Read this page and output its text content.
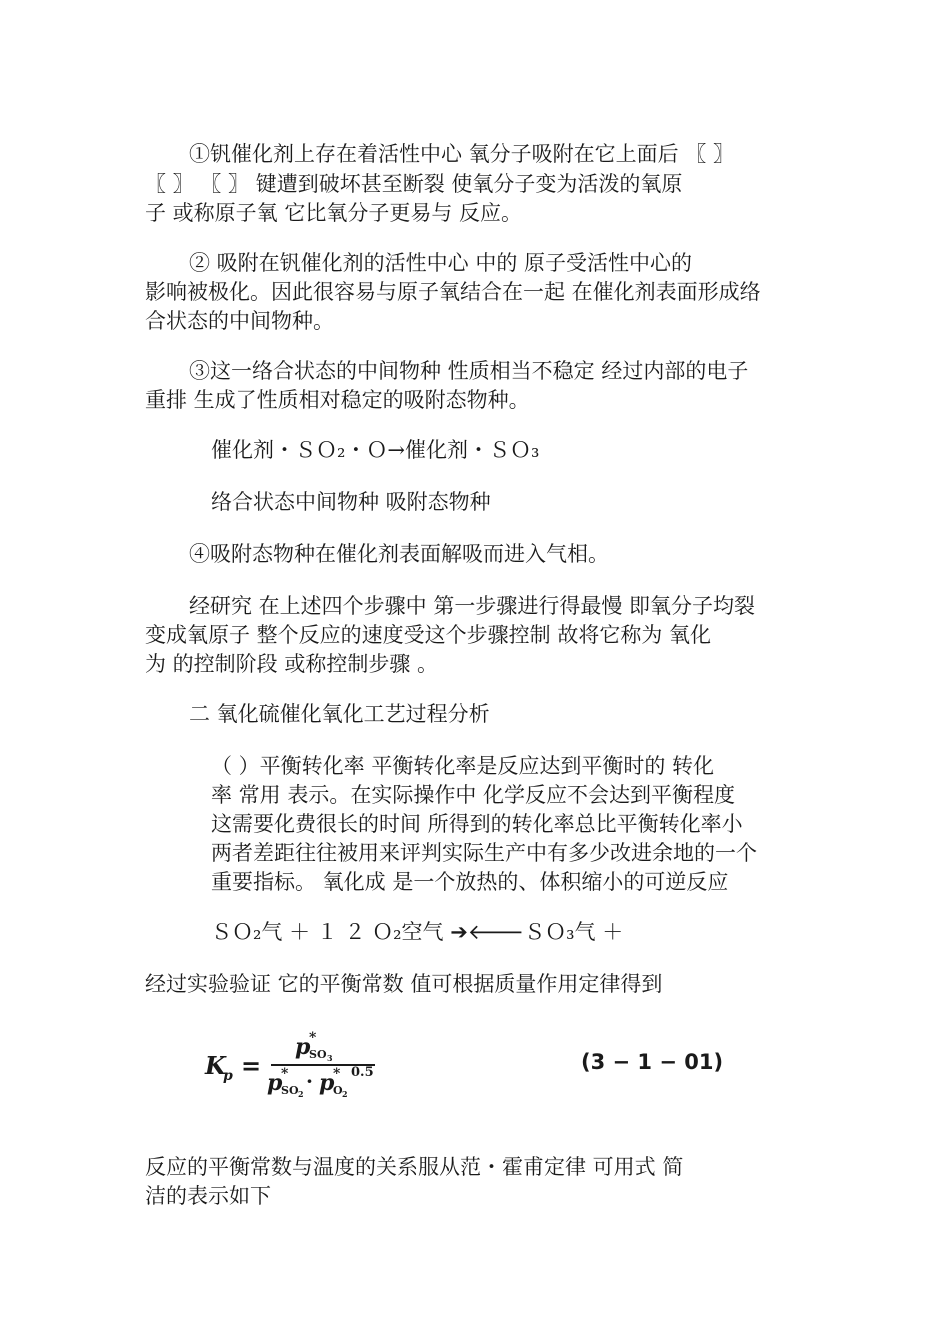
①钒催化剂上存在着活性中心 氧分子吸附在它上面后 〖 〗

〖 〗 〖 〗 键遭到破坏甚至断裂 使氧分子变为活泼的氧原

子 或称原子氧 它比氧分子更易与 反应。

② 吸附在钒催化剂的活性中心 中的 原子受活性中心的

影响被极化。因此很容易与原子氧结合在一起 在催化剂表面形成络

合状态的中间物种。

③这一络合状态的中间物种 性质相当不稳定 经过内部的电子

重排 生成了性质相对稳定的吸附态物种。

催化剂・ＳＯ₂・Ｏ→催化剂・ＳＯ₃

络合状态中间物种 吸附态物种

④吸附态物种在催化剂表面解吸而进入气相。

经研究 在上述四个步骤中 第一步骤进行得最慢 即氧分子均裂

变成氧原子 整个反应的速度受这个步骤控制 故将它称为 氧化

为 的控制阶段 或称控制步骤 。

二 氧化硫催化氧化工艺过程分析

（ ）平衡转化率 平衡转化率是反应达到平衡时的 转化

率 常用 表示。在实际操作中 化学反应不会达到平衡程度

这需要化费很长的时间 所得到的转化率总比平衡转化率小

两者差距往往被用来评判实际生产中有多少改进余地的一个

重要指标。 氧化成 是一个放热的、体积缩小的可逆反应

ＳＯ₂气 ＋ １ ２ Ｏ₂空气 ➔🡐ＳＯ₃气 ＋

经过实验验证 它的平衡常数 值可根据质量作用定律得到

K
p =
p
*
SO 3
p
*
SO 2
· p
*
O 2
0.5	(3 − 1 − 01)

反应的平衡常数与温度的关系服从范・霍甫定律 可用式 简

洁的表示如下
